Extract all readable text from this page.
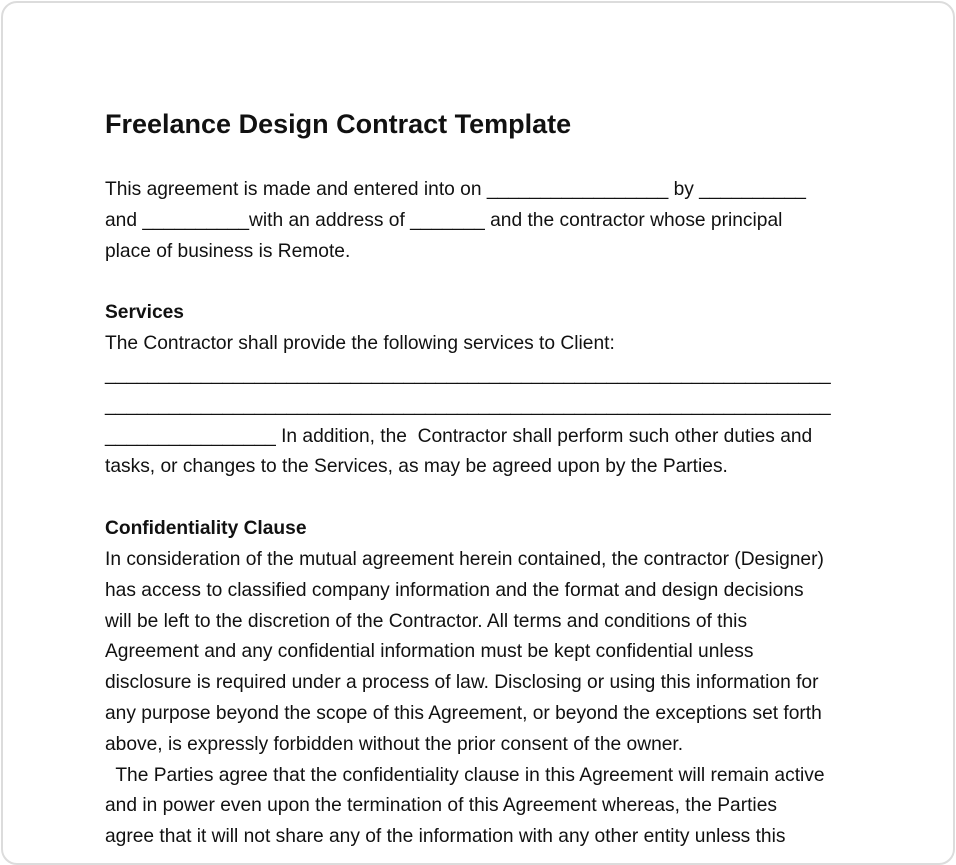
Freelance Design Contract Template
This agreement is made and entered into on _________________ by __________
and __________with an address of _______ and the contractor whose principal
place of business is Remote.
Services
The Contractor shall provide the following services to Client:
____________________________________________________________________
____________________________________________________________________
________________ In addition, the  Contractor shall perform such other duties and
tasks, or changes to the Services, as may be agreed upon by the Parties.
Confidentiality Clause
In consideration of the mutual agreement herein contained, the contractor (Designer)
has access to classified company information and the format and design decisions
will be left to the discretion of the Contractor. All terms and conditions of this
Agreement and any confidential information must be kept confidential unless
disclosure is required under a process of law. Disclosing or using this information for
any purpose beyond the scope of this Agreement, or beyond the exceptions set forth
above, is expressly forbidden without the prior consent of the owner.
The Parties agree that the confidentiality clause in this Agreement will remain active
and in power even upon the termination of this Agreement whereas, the Parties
agree that it will not share any of the information with any other entity unless this
